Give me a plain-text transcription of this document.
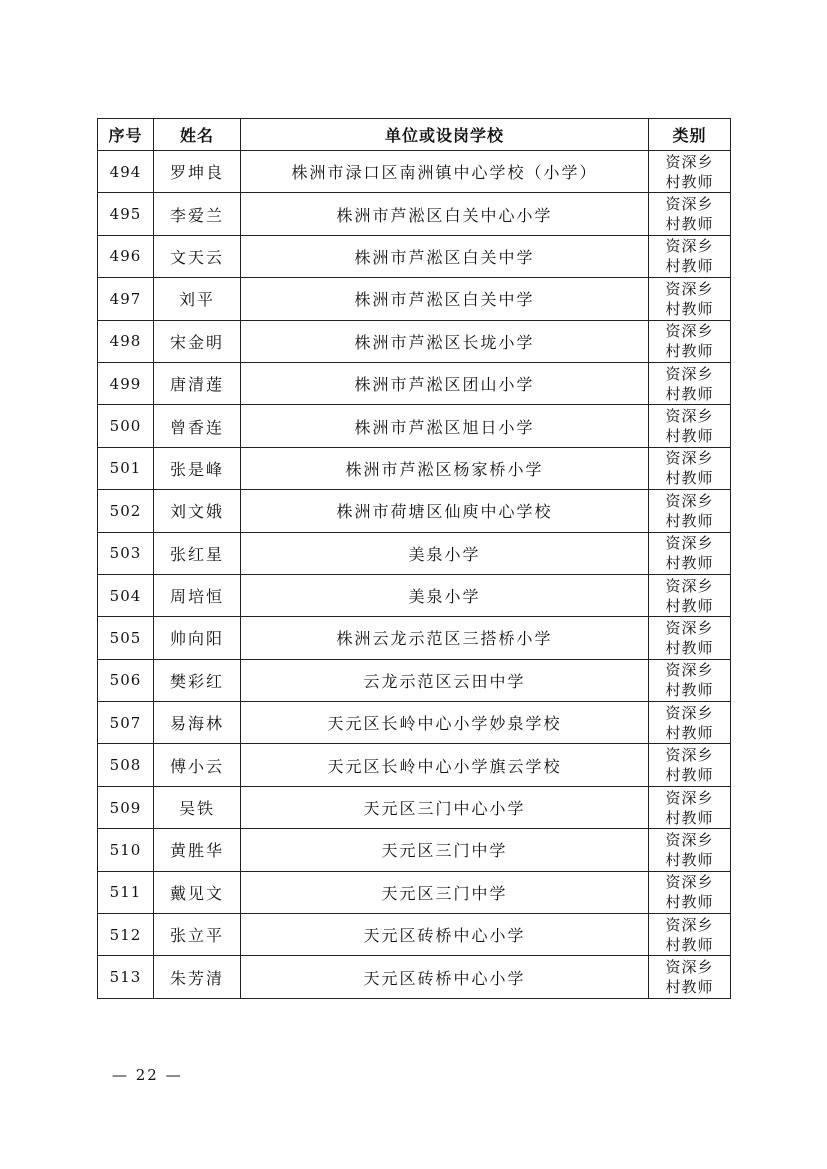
序号	姓名	单位或设岗学校	类别
494	罗坤良	株洲市渌口区南洲镇中心学校（小学）	资深乡
村教师

495	李爱兰	株洲市芦淞区白关中心小学	资深乡
村教师

496	文天云	株洲市芦淞区白关中学	资深乡
村教师

497	刘平	株洲市芦淞区白关中学	资深乡
村教师

498	宋金明	株洲市芦淞区长垅小学	资深乡
村教师

499	唐清莲	株洲市芦淞区团山小学	资深乡
村教师

500	曾香连	株洲市芦淞区旭日小学	资深乡
村教师

501	张是峰	株洲市芦淞区杨家桥小学	资深乡
村教师

502	刘文娥	株洲市荷塘区仙庾中心学校	资深乡
村教师

503	张红星	美泉小学	资深乡
村教师

504	周培恒	美泉小学	资深乡
村教师

505	帅向阳	株洲云龙示范区三搭桥小学	资深乡
村教师

506	樊彩红	云龙示范区云田中学	资深乡
村教师

507	易海林	天元区长岭中心小学妙泉学校	资深乡
村教师

508	傅小云	天元区长岭中心小学旗云学校	资深乡
村教师

509	吴铁	天元区三门中心小学	资深乡
村教师

510	黄胜华	天元区三门中学	资深乡
村教师

511	戴见文	天元区三门中学	资深乡
村教师

512	张立平	天元区砖桥中心小学	资深乡
村教师

513	朱芳清	天元区砖桥中心小学	资深乡
村教师
— 22 —
